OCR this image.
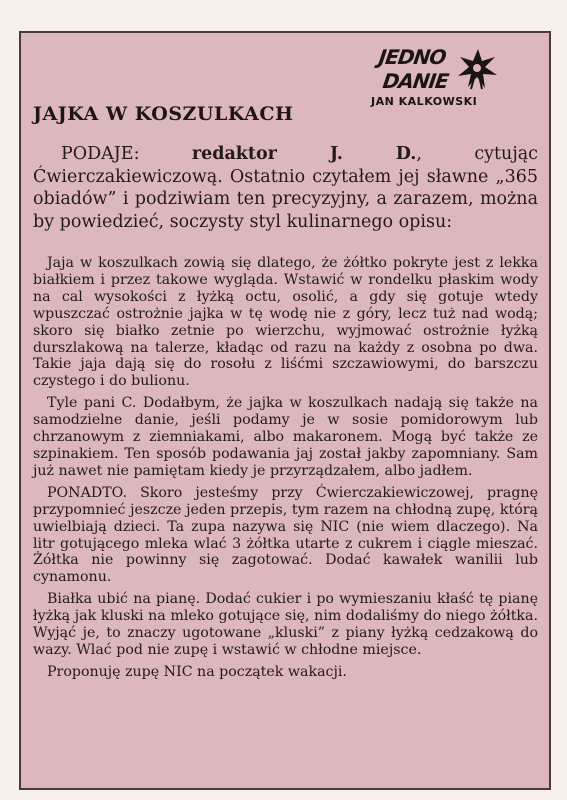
JEDNO
DANIE
JAN KALKOWSKI
JAJKA W KOSZULKACH
PODAJE:	redaktor J. D., cytując Ćwierczakiewiczową. Ostatnio czytałem jej sławne „365 obiadów” i podziwiam ten precyzyjny, a zarazem, można by powiedzieć, soczysty styl kulinarnego opisu:

Jaja w koszulkach zowią się dlatego, że żółtko pokryte jest z lekka białkiem i przez takowe wygląda. Wstawić w rondelku płaskim wody na cal wysokości z łyżką octu, osolić, a gdy się gotuje wtedy wpuszczać ostrożnie jajka w tę wodę nie z góry, lecz tuż nad wodą; skoro się białko zetnie po wierzchu, wyjmować ostrożnie łyżką durszlakową na talerze, kładąc od razu na każdy z osobna po dwa. Takie jaja dają się do rosołu z liśćmi szczawiowymi, do barszczu czystego i do bulionu.

Tyle pani C. Dodałbym, że jajka w koszulkach nadają się także na samodzielne danie, jeśli podamy je w sosie pomidorowym lub chrzanowym z ziemniakami, albo makaronem. Mogą być także ze szpinakiem. Ten sposób podawania jaj został jakby zapomniany. Sam już nawet nie pamiętam kiedy je przyrządzałem, albo jadłem.

PONADTO. Skoro jesteśmy przy Ćwierczakiewiczowej, pragnę przypomnieć jeszcze jeden przepis, tym razem na chłodną zupę, którą uwielbiają dzieci. Ta zupa nazywa się NIC (nie wiem dlaczego). Na litr gotującego mleka wlać 3 żółtka utarte z cukrem i ciągle mieszać. Żółtka nie powinny się zagotować. Dodać kawałek wanilii lub cynamonu.

Białka ubić na pianę. Dodać cukier i po wymieszaniu kłaść tę pianę łyżką jak kluski na mleko gotujące się, nim dodaliśmy do niego żółtka. Wyjąć je, to znaczy ugotowane „kluski” z piany łyżką cedzakową do wazy. Wlać pod nie zupę i wstawić w chłodne miejsce.

Proponuję zupę NIC na początek wakacji.
